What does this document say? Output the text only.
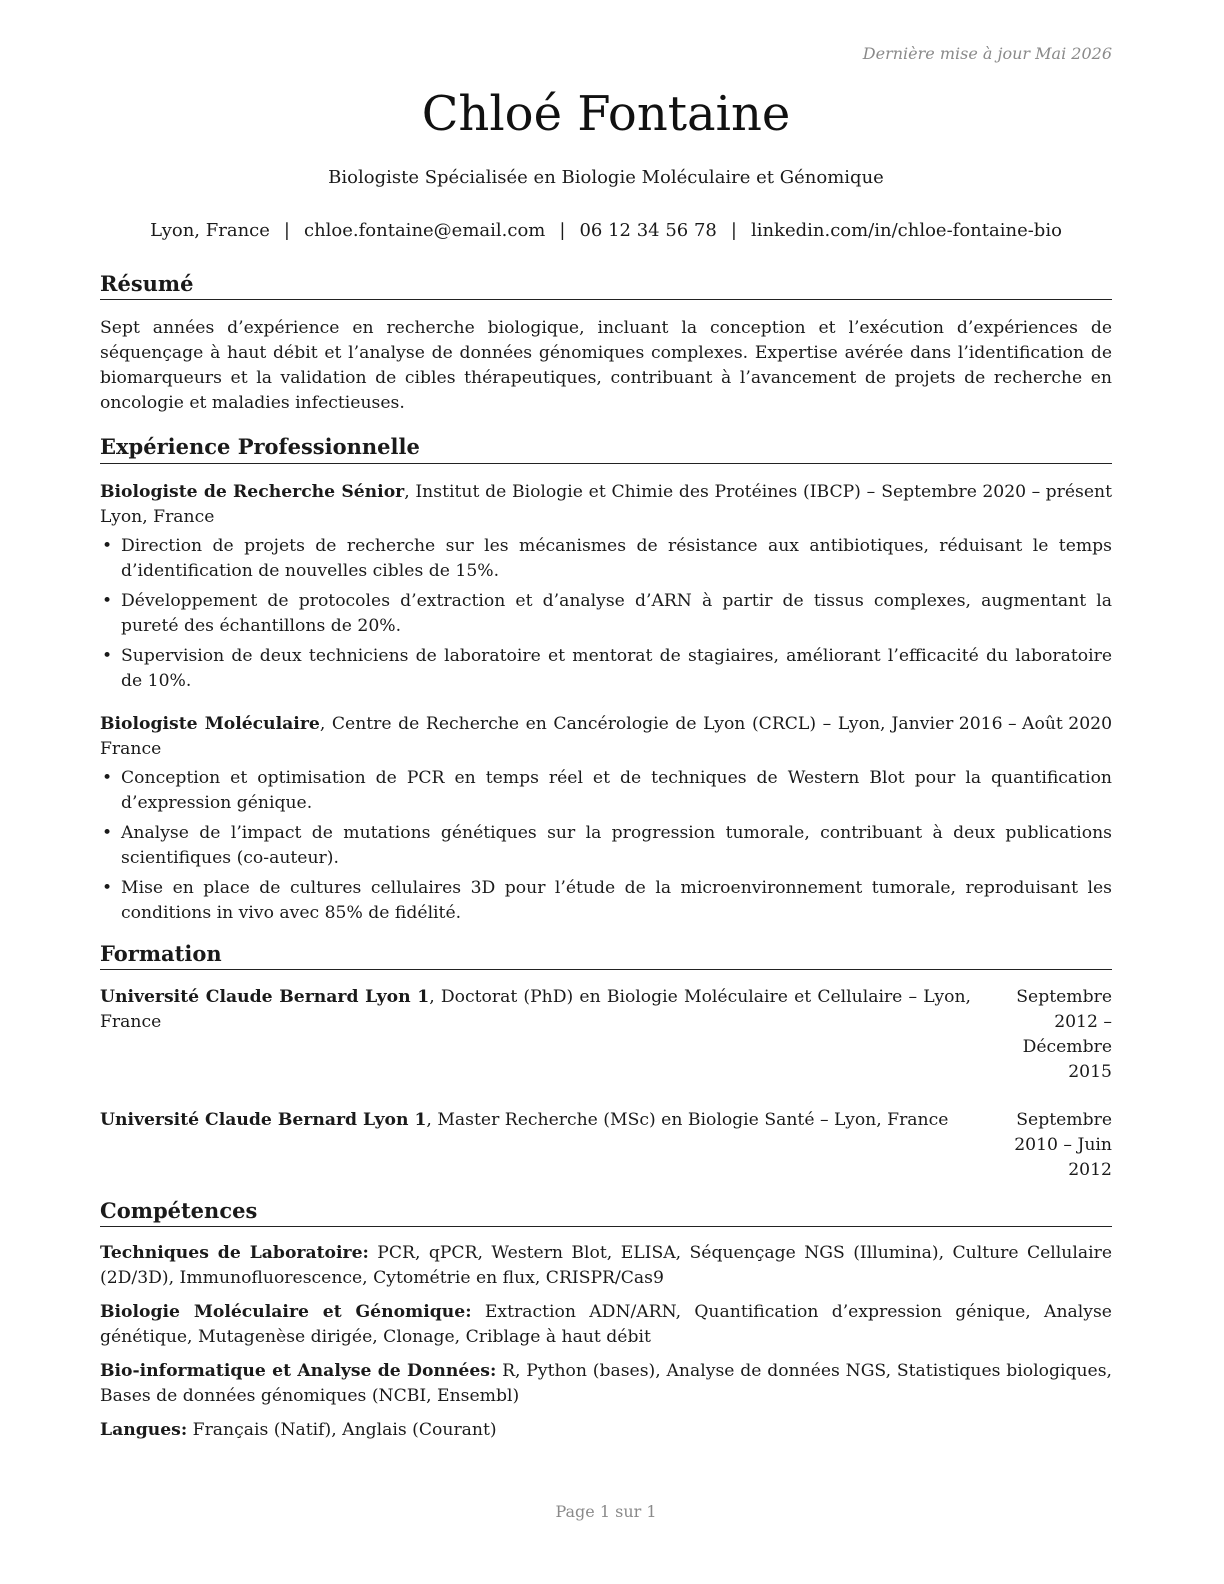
Dernière mise à jour Mai 2026

Chloé Fontaine

Biologiste Spécialisée en Biologie Moléculaire et Génomique

Lyon, France | chloe.fontaine@email.com | 06 12 34 56 78 | linkedin.com/in/chloe-fontaine-bio

Résumé

Sept années d’expérience en recherche biologique, incluant la conception et l’exécution d’expériences de séquençage à haut débit et l’analyse de données génomiques complexes. Expertise avérée dans l’identification de biomarqueurs et la validation de cibles thérapeutiques, contribuant à l’avancement de projets de recherche en oncologie et maladies infectieuses.

Expérience Professionnelle
Biologiste de Recherche Sénior, Institut de Biologie et Chimie des Protéines (IBCP) – Lyon, France
Septembre 2020 – présent
• Direction de projets de recherche sur les mécanismes de résistance aux antibiotiques, réduisant le temps d’identification de nouvelles cibles de 15%.
• Développement de protocoles d’extraction et d’analyse d’ARN à partir de tissus complexes, augmentant la pureté des échantillons de 20%.
• Supervision de deux techniciens de laboratoire et mentorat de stagiaires, améliorant l’efficacité du laboratoire de 10%.
Biologiste Moléculaire, Centre de Recherche en Cancérologie de Lyon (CRCL) – Lyon, France
Janvier 2016 – Août 2020
• Conception et optimisation de PCR en temps réel et de techniques de Western Blot pour la quantification d’expression génique.
• Analyse de l’impact de mutations génétiques sur la progression tumorale, contribuant à deux publications scientifiques (co-auteur).
• Mise en place de cultures cellulaires 3D pour l’étude de la microenvironnement tumorale, reproduisant les conditions in vivo avec 85% de fidélité.
Formation
Université Claude Bernard Lyon 1, Doctorat (PhD) en Biologie Moléculaire et Cellulaire – Lyon, France
Septembre 2012 – Décembre 2015
Université Claude Bernard Lyon 1, Master Recherche (MSc) en Biologie Santé – Lyon, France	Septembre 2010 – Juin 2012
Compétences

Techniques de Laboratoire: PCR, qPCR, Western Blot, ELISA, Séquençage NGS (Illumina), Culture Cellulaire (2D/3D), Immunofluorescence, Cytométrie en flux, CRISPR/Cas9

Biologie Moléculaire et Génomique: Extraction ADN/ARN, Quantification d’expression génique, Analyse génétique, Mutagenèse dirigée, Clonage, Criblage à haut débit

Bio-informatique et Analyse de Données: R, Python (bases), Analyse de données NGS, Statistiques biologiques, Bases de données génomiques (NCBI, Ensembl)

Langues: Français (Natif), Anglais (Courant)

Page 1 sur 1
